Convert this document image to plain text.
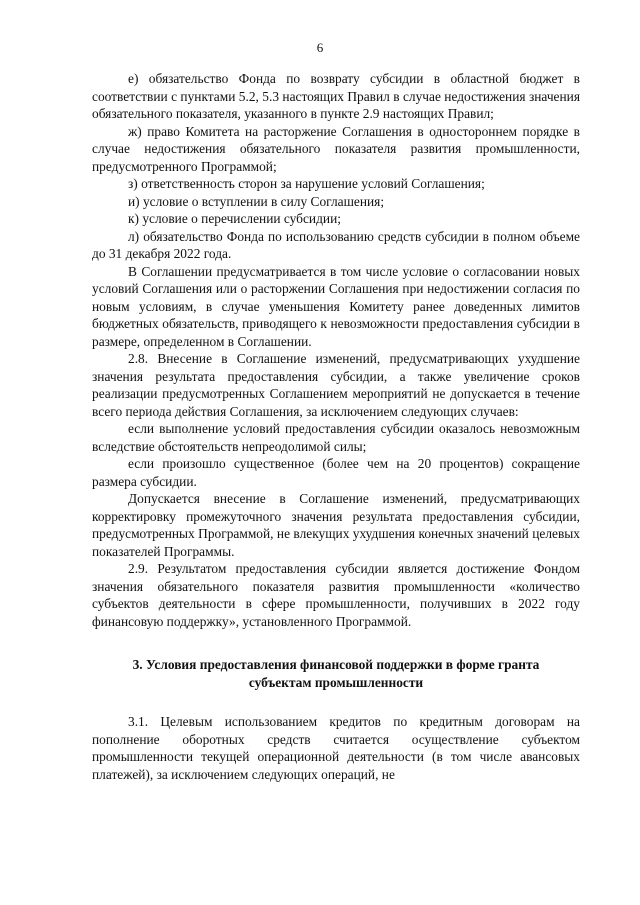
6

е) обязательство Фонда по возврату субсидии в областной бюджет в соответствии с пунктами 5.2, 5.3 настоящих Правил в случае недостижения значения обязательного показателя, указанного в пункте 2.9 настоящих Правил;

ж) право Комитета на расторжение Соглашения в одностороннем порядке в случае недостижения обязательного показателя развития промышленности, предусмотренного Программой;

з) ответственность сторон за нарушение условий Соглашения;

и) условие о вступлении в силу Соглашения;

к) условие о перечислении субсидии;

л) обязательство Фонда по использованию средств субсидии в полном объеме до 31 декабря 2022 года.

В Соглашении предусматривается в том числе условие о согласовании новых условий Соглашения или о расторжении Соглашения при недостижении согласия по новым условиям, в случае уменьшения Комитету ранее доведенных лимитов бюджетных обязательств, приводящего к невозможности предоставления субсидии в размере, определенном в Соглашении.

2.8. Внесение в Соглашение изменений, предусматривающих ухудшение значения результата предоставления субсидии, а также увеличение сроков реализации предусмотренных Соглашением мероприятий не допускается в течение всего периода действия Соглашения, за исключением следующих случаев:

если выполнение условий предоставления субсидии оказалось невозможным вследствие обстоятельств непреодолимой силы;

если произошло существенное (более чем на 20 процентов) сокращение размера субсидии.

Допускается внесение в Соглашение изменений, предусматривающих корректировку промежуточного значения результата предоставления субсидии, предусмотренных Программой, не влекущих ухудшения конечных значений целевых показателей Программы.

2.9. Результатом предоставления субсидии является достижение Фондом значения обязательного показателя развития промышленности «количество субъектов деятельности в сфере промышленности, получивших в 2022 году финансовую поддержку», установленного Программой.

3. Условия предоставления финансовой поддержки в форме гранта субъектам промышленности

3.1. Целевым использованием кредитов по кредитным договорам на пополнение оборотных средств считается осуществление субъектом промышленности текущей операционной деятельности (в том числе авансовых платежей), за исключением следующих операций, не
